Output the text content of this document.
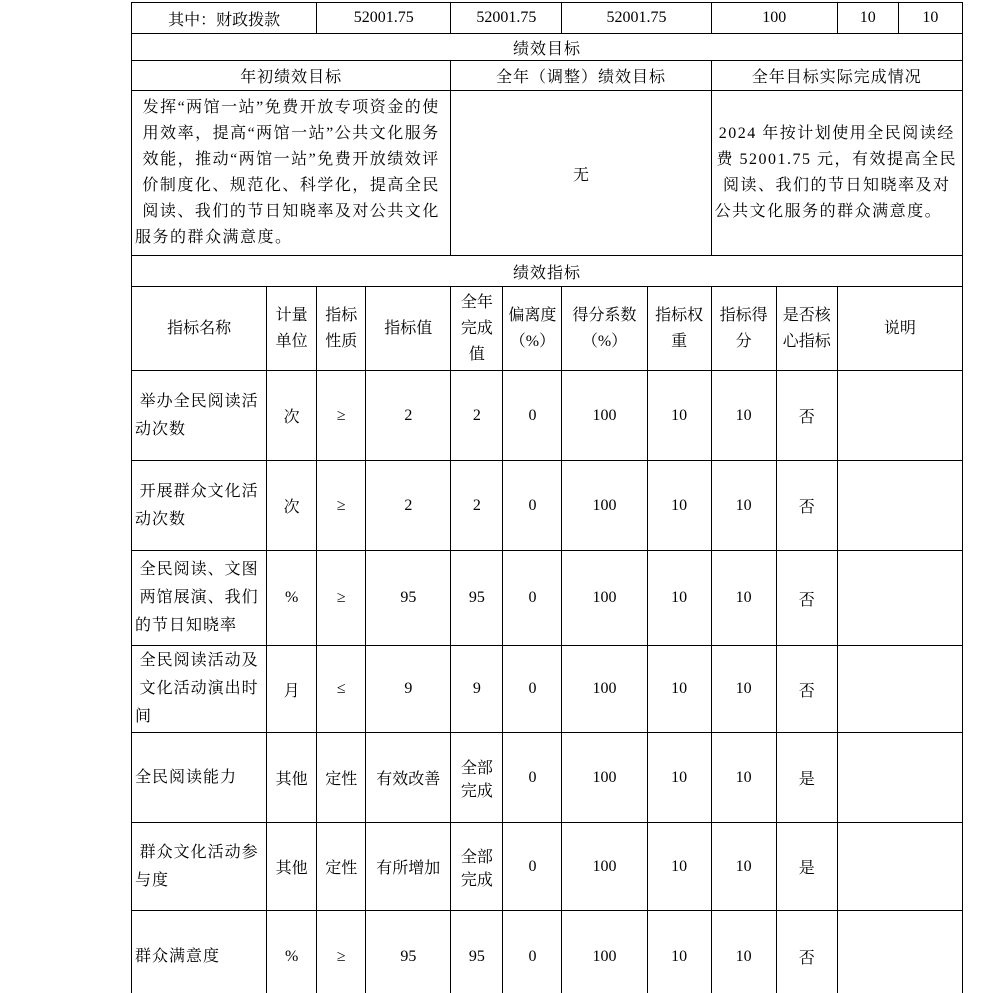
其中：财政拨款		52001.75		52001.75		52001.75		100		10	10
绩效目标											
年初绩效目标				全年（调整）绩效目标				全年目标实际完成情况			
发挥“两馆一站”免费开放专项资金的使用效率，提高“两馆一站”公共文化服务效能，推动“两馆一站”免费开放绩效评价制度化、规范化、科学化，提高全民阅读、我们的节日知晓率及对公共文化服务的群众满意度。				无				2024 年按计划使用全民阅读经费 52001.75 元，有效提高全民阅读、我们的节日知晓率及对公共文化服务的群众满意度。			
绩效指标											
指标名称	计量单位	指标性质	指标值	全年完成值	偏离度（%）	得分系数（%）	指标权重	指标得分	是否核心指标	说明	
举办全民阅读活动次数	次	≥	2	2	0	100	10	10	否		
开展群众文化活动次数	次	≥	2	2	0	100	10	10	否		
全民阅读、文图两馆展演、我们的节日知晓率	%	≥	95	95	0	100	10	10	否		
全民阅读活动及文化活动演出时间	月	≤	9	9	0	100	10	10	否		
全民阅读能力	其他	定性	有效改善	全部完成	0	100	10	10	是		
群众文化活动参与度	其他	定性	有所增加	全部完成	0	100	10	10	是		
群众满意度	%	≥	95	95	0	100	10	10	否		
